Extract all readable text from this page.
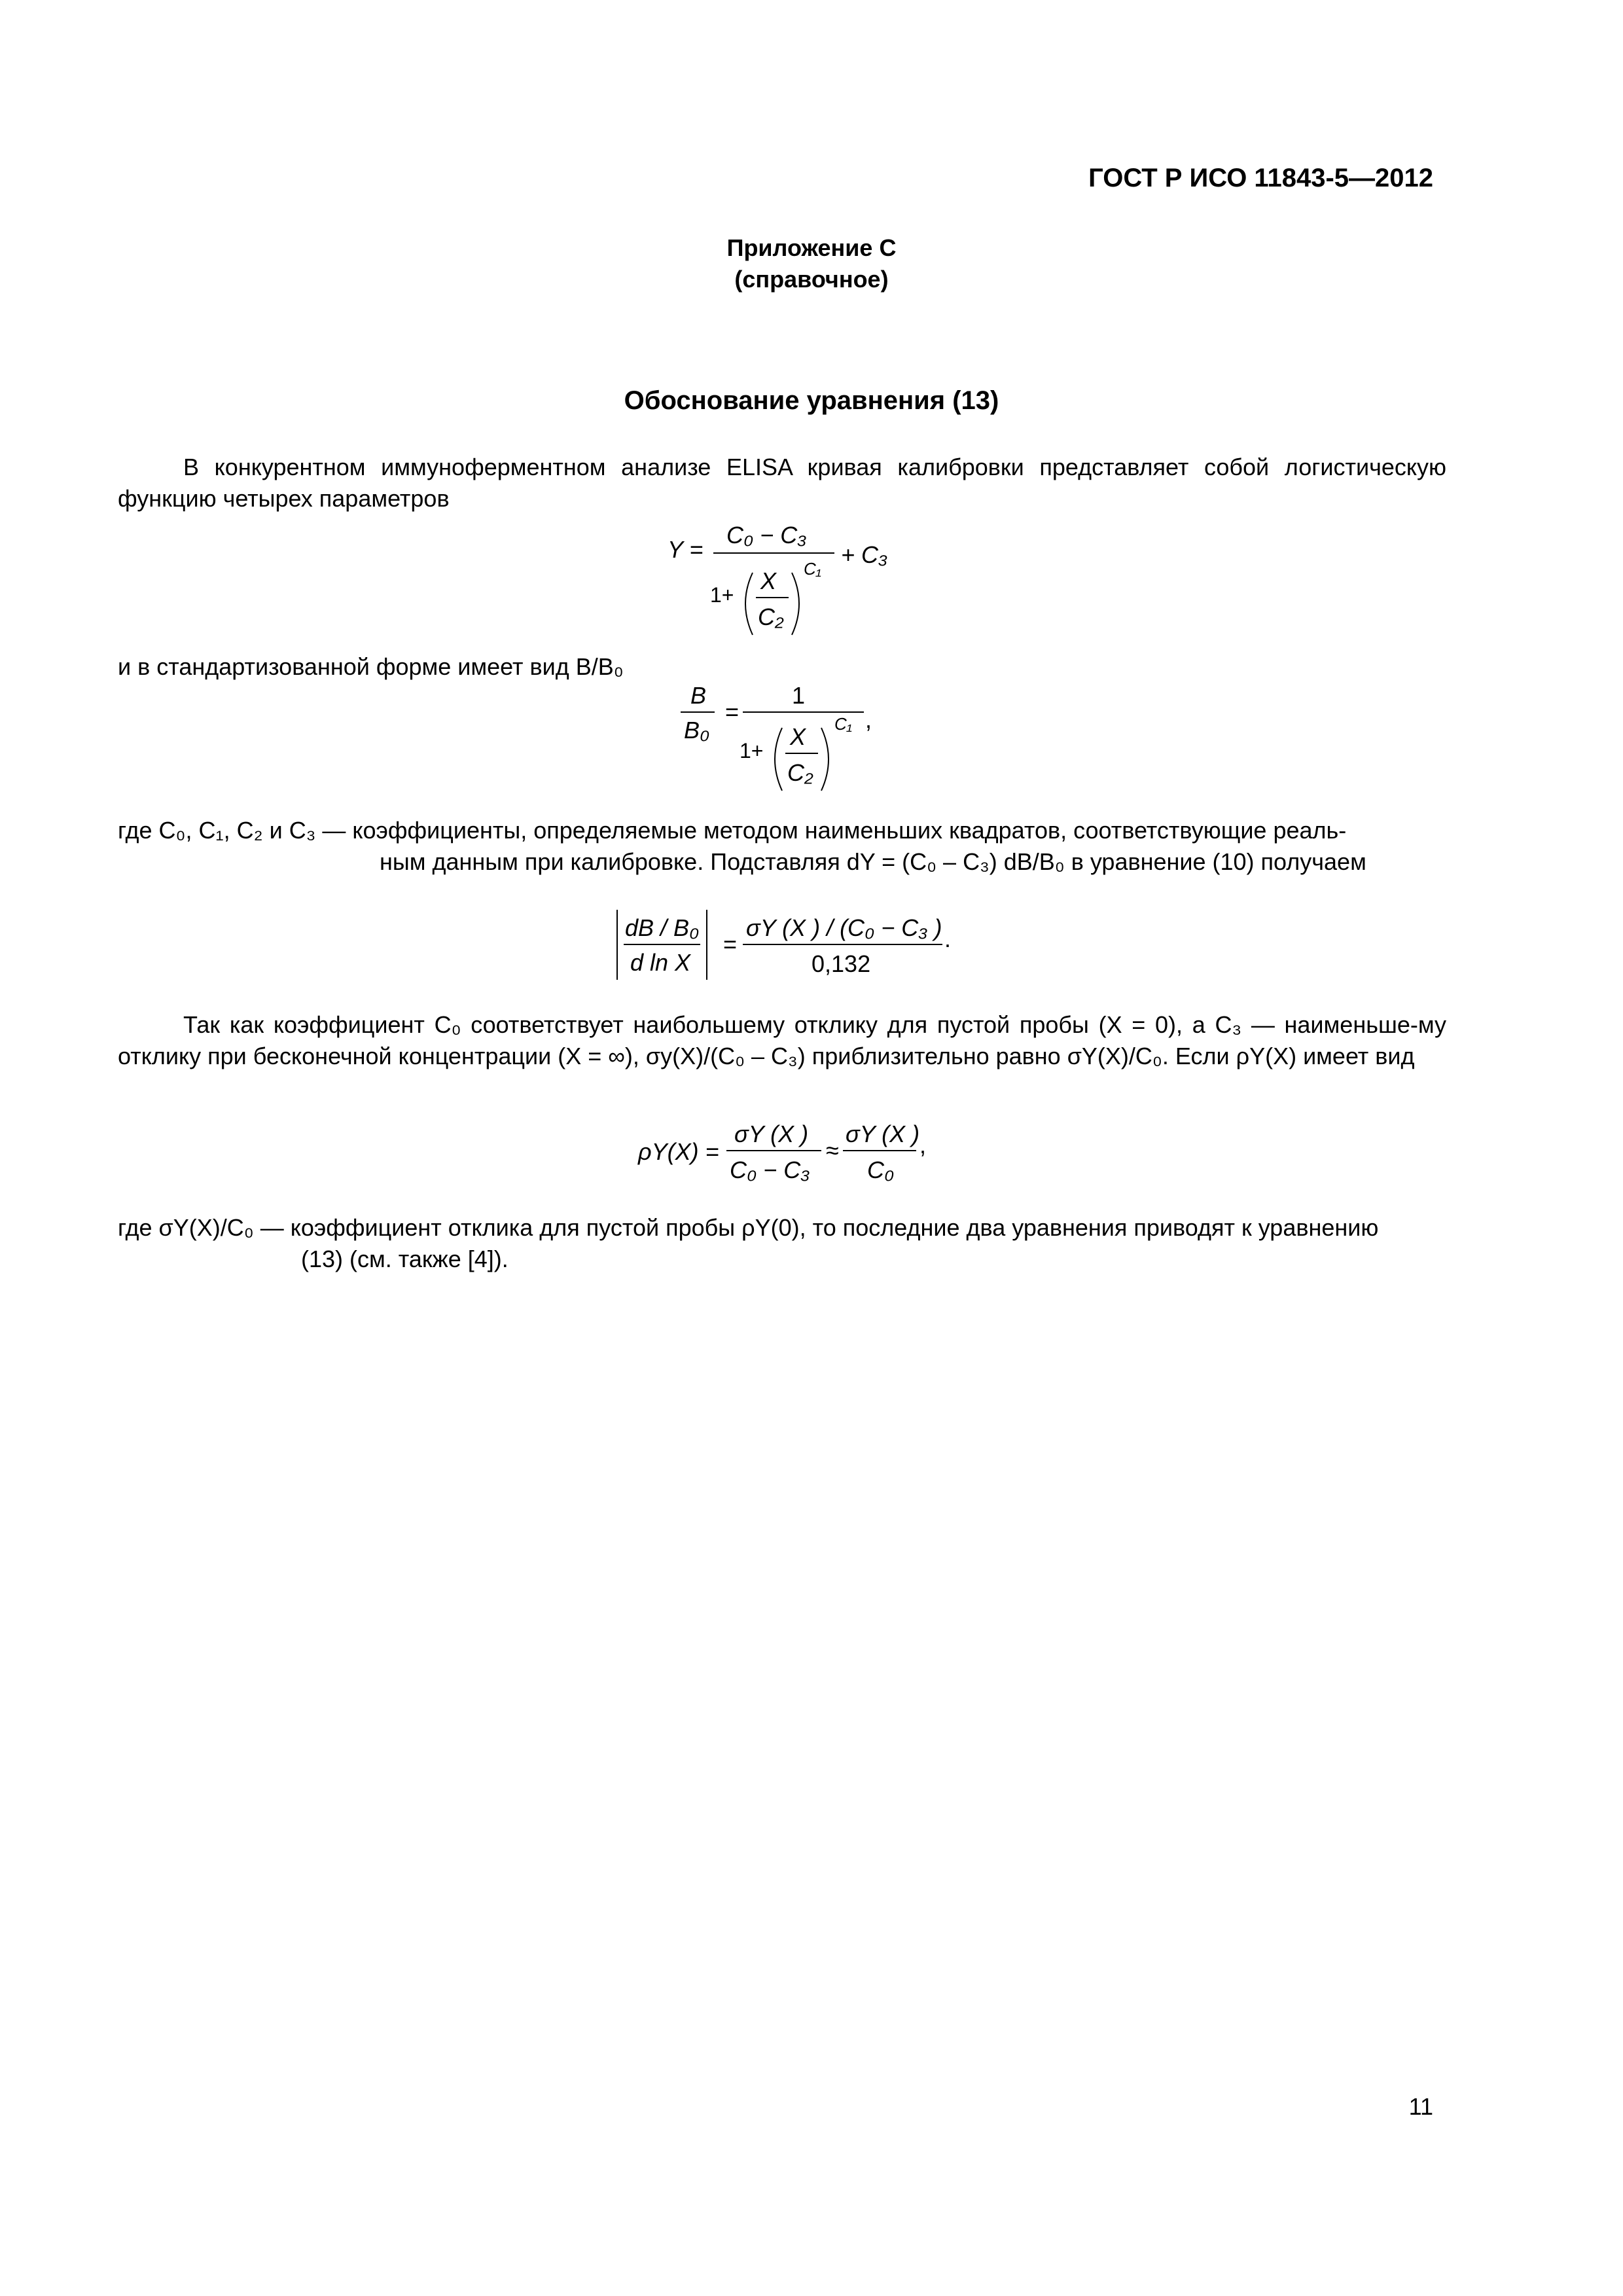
ГОСТ Р ИСО 11843-5—2012
Приложение С
(справочное)
Обоснование уравнения (13)
В конкурентном иммуноферментном анализе ELISA кривая калибровки представляет собой логистическую функцию четырех параметров
Y =
C₀ − C₃
1+
X
C₂
C₁
+ C₃
и в стандартизованной форме имеет вид B/B₀
B
B₀
=
1
1+
X
C₂
C₁ ,
где C₀, C₁, C₂ и C₃ — коэффициенты, определяемые методом наименьших квадратов, соответствующие реаль-
ным данным при калибровке. Подставляя dY = (C₀ – C₃) dB/B₀ в уравнение (10) получаем
dB / B₀
d ln X
=
σY (X ) / (C₀ − C₃ )
0,132
.
Так как коэффициент C₀ соответствует наибольшему отклику для пустой пробы (X = 0), а C₃ — наименьше-му отклику при бесконечной концентрации (X = ∞), σy(X)/(C₀ – C₃) приблизительно равно σY(X)/C₀. Если ρY(X) имеет вид
ρY(X) =
σY (X )
C₀ − C₃
≈
σY (X )
C₀
,
где σY(X)/C₀ — коэффициент отклика для пустой пробы ρY(0), то последние два уравнения приводят к уравнению
(13) (см. также [4]).
11
